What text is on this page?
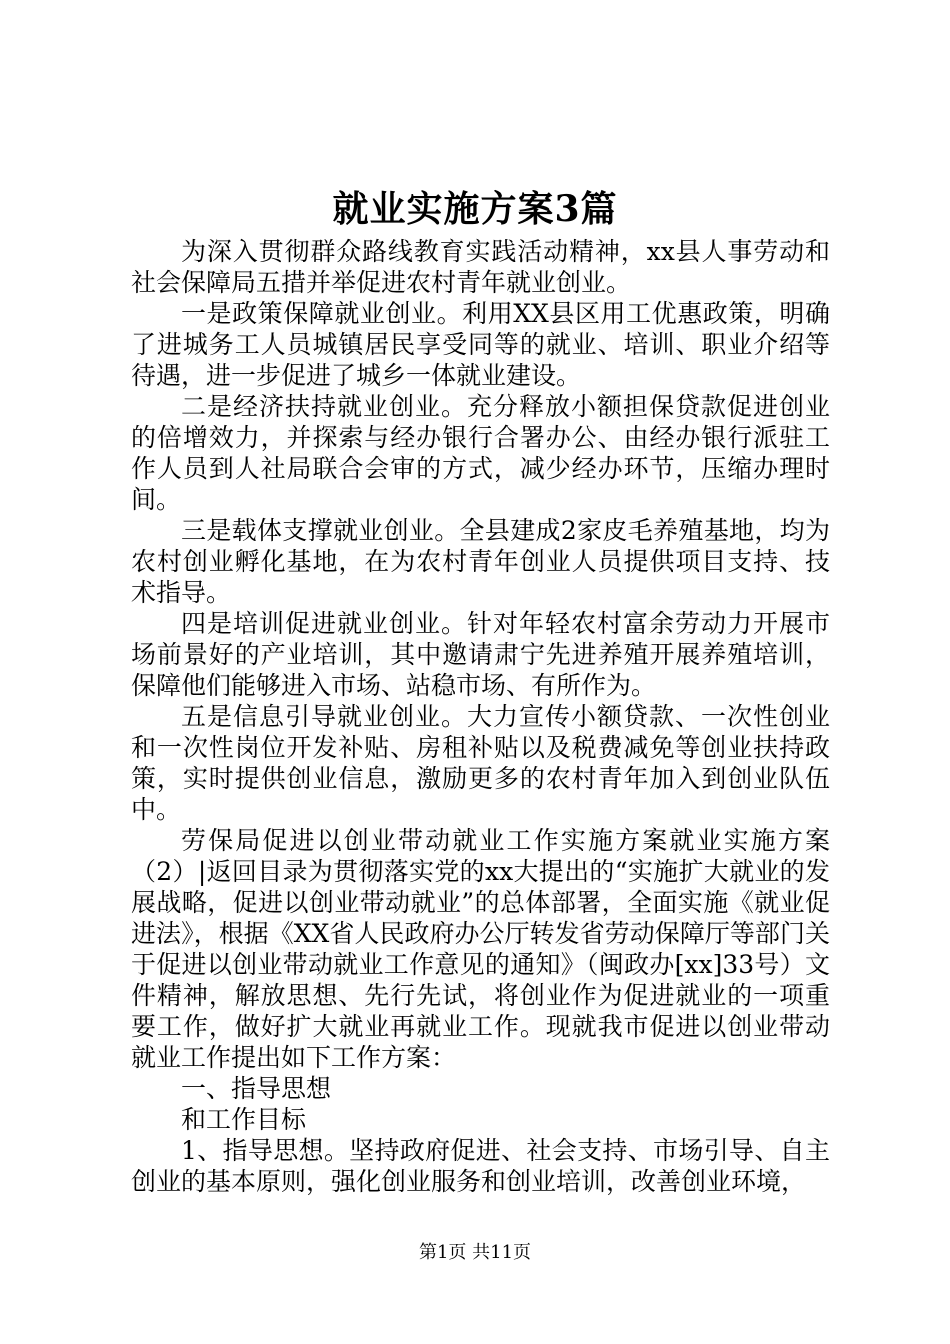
就业实施方案3篇

为深入贯彻群众路线教育实践活动精神，xx县人事劳动和社会保障局五措并举促进农村青年就业创业。

一是政策保障就业创业。利用XX县区用工优惠政策，明确了进城务工人员城镇居民享受同等的就业、培训、职业介绍等待遇，进一步促进了城乡一体就业建设。

二是经济扶持就业创业。充分释放小额担保贷款促进创业的倍增效力，并探索与经办银行合署办公、由经办银行派驻工作人员到人社局联合会审的方式，减少经办环节，压缩办理时间。

三是载体支撑就业创业。全县建成2家皮毛养殖基地，均为农村创业孵化基地，在为农村青年创业人员提供项目支持、技术指导。

四是培训促进就业创业。针对年轻农村富余劳动力开展市场前景好的产业培训，其中邀请肃宁先进养殖开展养殖培训，保障他们能够进入市场、站稳市场、有所作为。

五是信息引导就业创业。大力宣传小额贷款、一次性创业和一次性岗位开发补贴、房租补贴以及税费减免等创业扶持政策，实时提供创业信息，激励更多的农村青年加入到创业队伍中。

劳保局促进以创业带动就业工作实施方案就业实施方案（2）|返回目录为贯彻落实党的xx大提出的“实施扩大就业的发展战略，促进以创业带动就业”的总体部署，全面实施《就业促进法》，根据《XX省人民政府办公厅转发省劳动保障厅等部门关于促进以创业带动就业工作意见的通知》（闽政办[xx]33号）文件精神，解放思想、先行先试，将创业作为促进就业的一项重要工作，做好扩大就业再就业工作。现就我市促进以创业带动就业工作提出如下工作方案：

一、指导思想

和工作目标

1、指导思想。坚持政府促进、社会支持、市场引导、自主创业的基本原则，强化创业服务和创业培训，改善创业环境，

第1页 共11页
